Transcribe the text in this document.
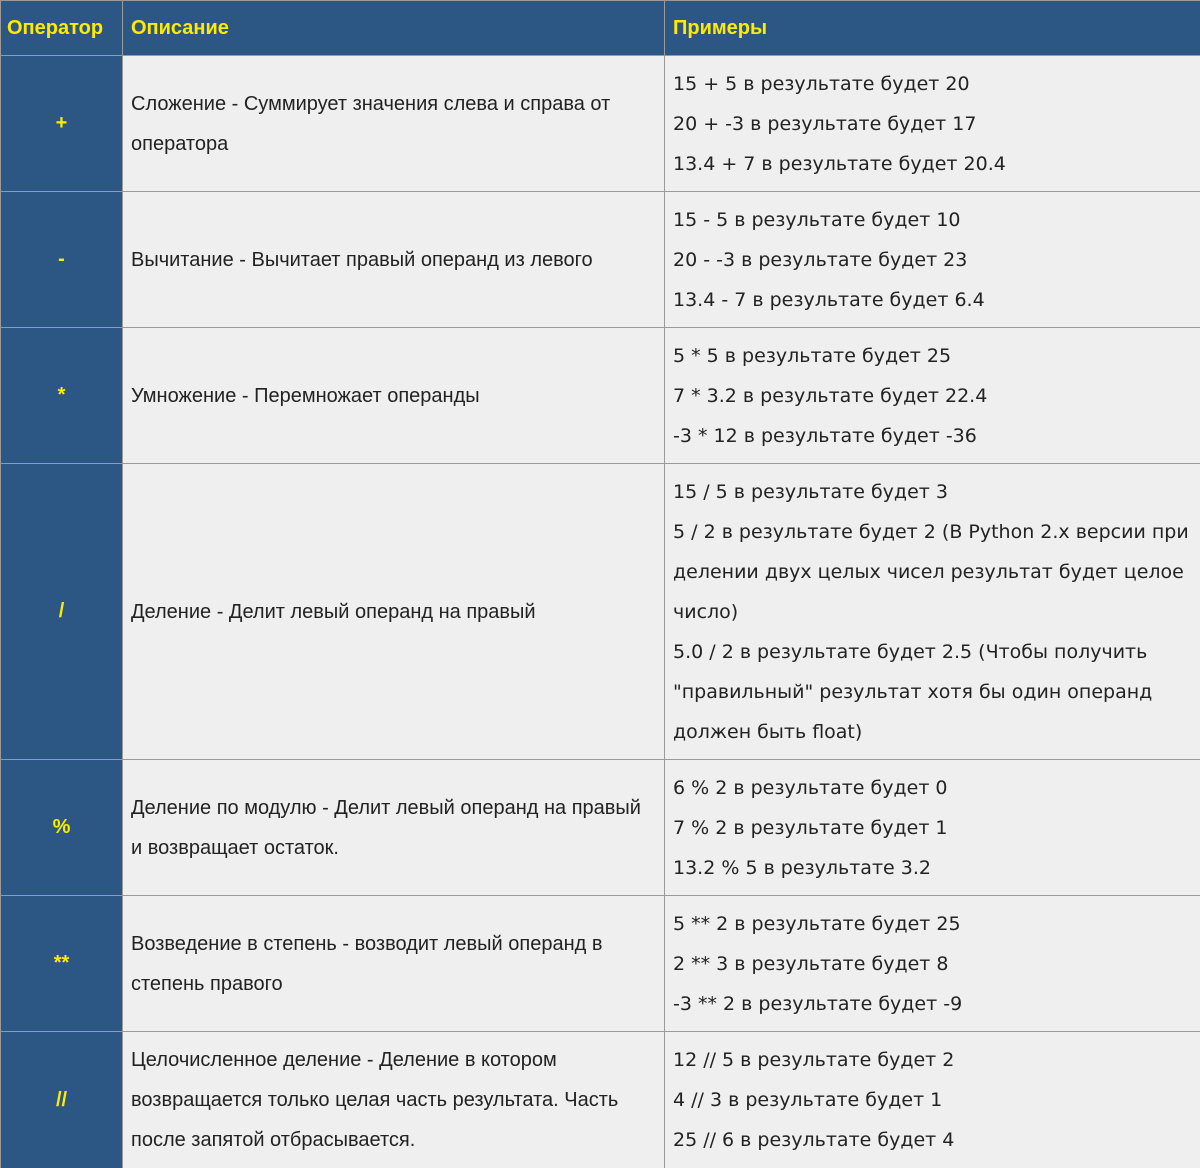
Оператор	Описание	Примеры
+	Сложение - Суммирует значения слева и справа от оператора	15 + 5 в результате будет 20
20 + -3 в результате будет 17
13.4 + 7 в результате будет 20.4

-	Вычитание - Вычитает правый операнд из левого	15 - 5 в результате будет 10
20 - -3 в результате будет 23
13.4 - 7 в результате будет 6.4

*	Умножение - Перемножает операнды	5 * 5 в результате будет 25
7 * 3.2 в результате будет 22.4
-3 * 12 в результате будет -36

/	Деление - Делит левый операнд на правый	15 / 5 в результате будет 3
5 / 2 в результате будет 2 (В Python 2.x версии при делении двух целых чисел результат будет целое число)
5.0 / 2 в результате будет 2.5 (Чтобы получить "правильный" результат хотя бы один операнд должен быть float)

%	Деление по модулю - Делит левый операнд на правый и возвращает остаток.	6 % 2 в результате будет 0
7 % 2 в результате будет 1
13.2 % 5 в результате 3.2

**	Возведение в степень - возводит левый операнд в степень правого	5 ** 2 в результате будет 25
2 ** 3 в результате будет 8
-3 ** 2 в результате будет -9

//	Целочисленное деление - Деление в котором возвращается только целая часть результата. Часть после запятой отбрасывается.	12 // 5 в результате будет 2
4 // 3 в результате будет 1
25 // 6 в результате будет 4
